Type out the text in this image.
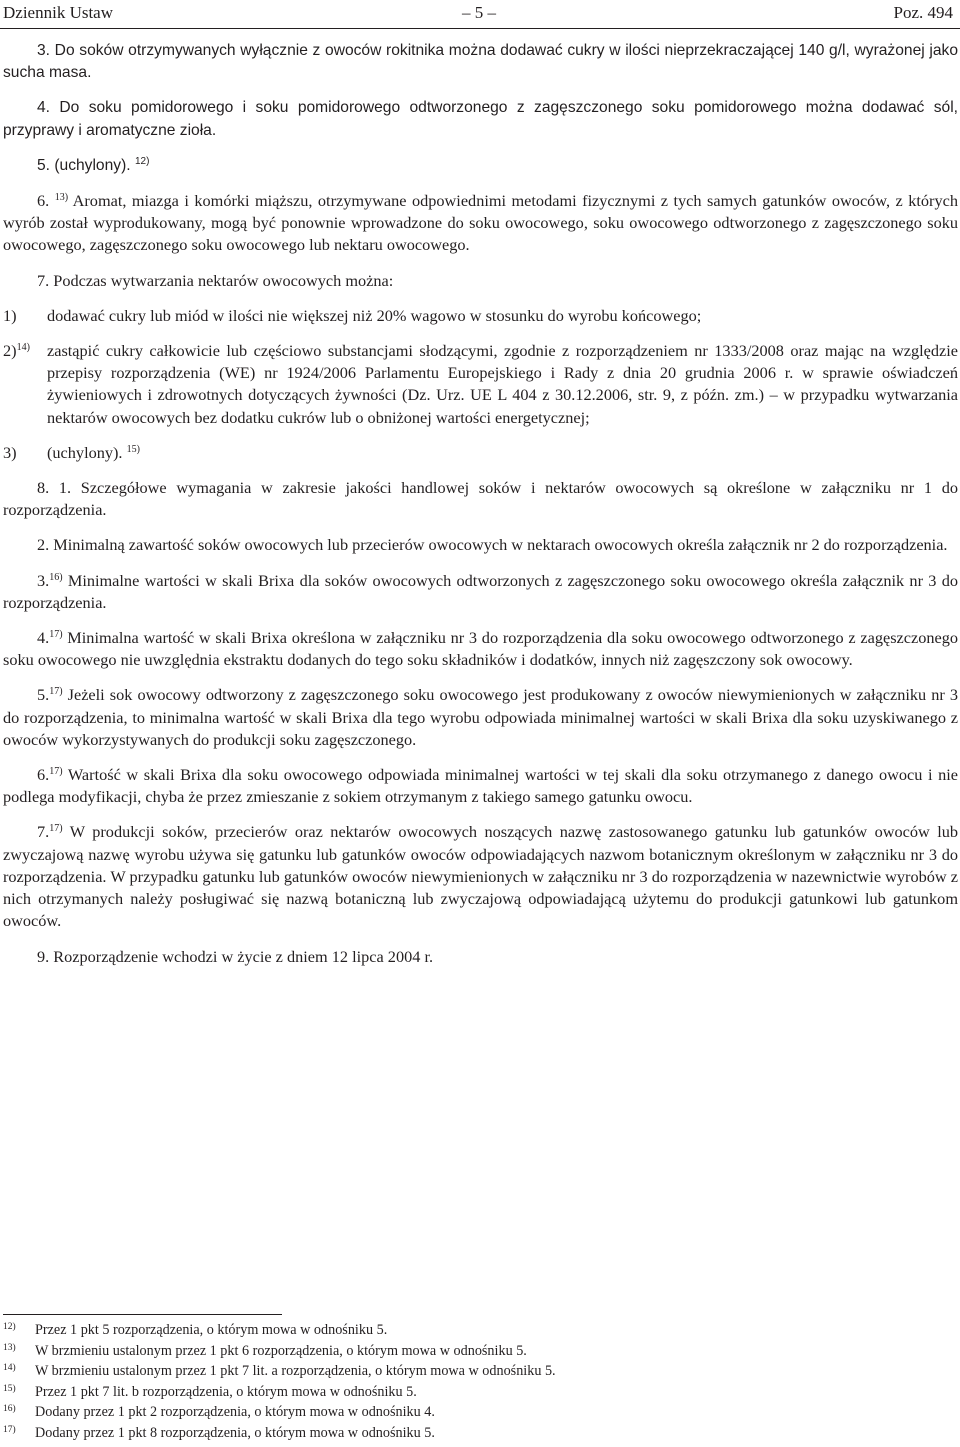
Dziennik Ustaw	– 5 –	Poz. 494

3. Do soków otrzymywanych wyłącznie z owoców rokitnika można dodawać cukry w ilości nieprzekraczającej 140 g/l, wyrażonej jako sucha masa.

4. Do soku pomidorowego i soku pomidorowego odtworzonego z zagęszczonego soku pomidorowego można dodawać sól, przyprawy i aromatyczne zioła.

5. (uchylony). $^{12)}$

6. $^{13)}$ Aromat, miazga i komórki miąższu, otrzymywane odpowiednimi metodami fizycznymi z tych samych gatunków owoców, z których wyrób został wyprodukowany, mogą być ponownie wprowadzone do soku owocowego, soku owocowego odtworzonego z zagęszczonego soku owocowego, zagęszczonego soku owocowego lub nektaru owocowego.

7. Podczas wytwarzania nektarów owocowych można:

1)	dodawać cukry lub miód w ilości nie większej niż 20% wagowo w stosunku do wyrobu końcowego;
2)$^{14)}$	zastąpić cukry całkowicie lub częściowo substancjami słodzącymi, zgodnie z rozporządzeniem nr 1333/2008 oraz mając na względzie przepisy rozporządzenia (WE) nr 1924/2006 Parlamentu Europejskiego i Rady z dnia 20 grudnia 2006 r. w sprawie oświadczeń żywieniowych i zdrowotnych dotyczących żywności (Dz. Urz. UE L 404 z 30.12.2006, str. 9, z późn. zm.) – w przypadku wytwarzania nektarów owocowych bez dodatku cukrów lub o obniżonej wartości energetycznej;
3)	(uchylony). $^{15)}$

8. 1. Szczegółowe wymagania w zakresie jakości handlowej soków i nektarów owocowych są określone w załączniku nr 1 do rozporządzenia.

2. Minimalną zawartość soków owocowych lub przecierów owocowych w nektarach owocowych określa załącznik nr 2 do rozporządzenia.

3.$^{16)}$ Minimalne wartości w skali Brixa dla soków owocowych odtworzonych z zagęszczonego soku owocowego określa załącznik nr 3 do rozporządzenia.

4.$^{17)}$ Minimalna wartość w skali Brixa określona w załączniku nr 3 do rozporządzenia dla soku owocowego odtworzonego z zagęszczonego soku owocowego nie uwzględnia ekstraktu dodanych do tego soku składników i dodatków, innych niż zagęszczony sok owocowy.

5.$^{17)}$ Jeżeli sok owocowy odtworzony z zagęszczonego soku owocowego jest produkowany z owoców niewymienionych w załączniku nr 3 do rozporządzenia, to minimalna wartość w skali Brixa dla tego wyrobu odpowiada minimalnej wartości w skali Brixa dla soku uzyskiwanego z owoców wykorzystywanych do produkcji soku zagęszczonego.

6.$^{17)}$ Wartość w skali Brixa dla soku owocowego odpowiada minimalnej wartości w tej skali dla soku otrzymanego z danego owocu i nie podlega modyfikacji, chyba że przez zmieszanie z sokiem otrzymanym z takiego samego gatunku owocu.

7.$^{17)}$ W produkcji soków, przecierów oraz nektarów owocowych noszących nazwę zastosowanego gatunku lub gatunków owoców lub zwyczajową nazwę wyrobu używa się gatunku lub gatunków owoców odpowiadających nazwom botanicznym określonym w załączniku nr 3 do rozporządzenia. W przypadku gatunku lub gatunków owoców niewymienionych w załączniku nr 3 do rozporządzenia w nazewnictwie wyrobów z nich otrzymanych należy posługiwać się nazwą botaniczną lub zwyczajową odpowiadającą użytemu do produkcji gatunkowi lub gatunkom owoców.

9. Rozporządzenie wchodzi w życie z dniem 12 lipca 2004 r.

12)	Przez 1 pkt 5 rozporządzenia, o którym mowa w odnośniku 5.
13)	W brzmieniu ustalonym przez 1 pkt 6 rozporządzenia, o którym mowa w odnośniku 5.
14)	W brzmieniu ustalonym przez 1 pkt 7 lit. a rozporządzenia, o którym mowa w odnośniku 5.
15)	Przez 1 pkt 7 lit. b rozporządzenia, o którym mowa w odnośniku 5.
16)	Dodany przez 1 pkt 2 rozporządzenia, o którym mowa w odnośniku 4.
17)	Dodany przez 1 pkt 8 rozporządzenia, o którym mowa w odnośniku 5.
